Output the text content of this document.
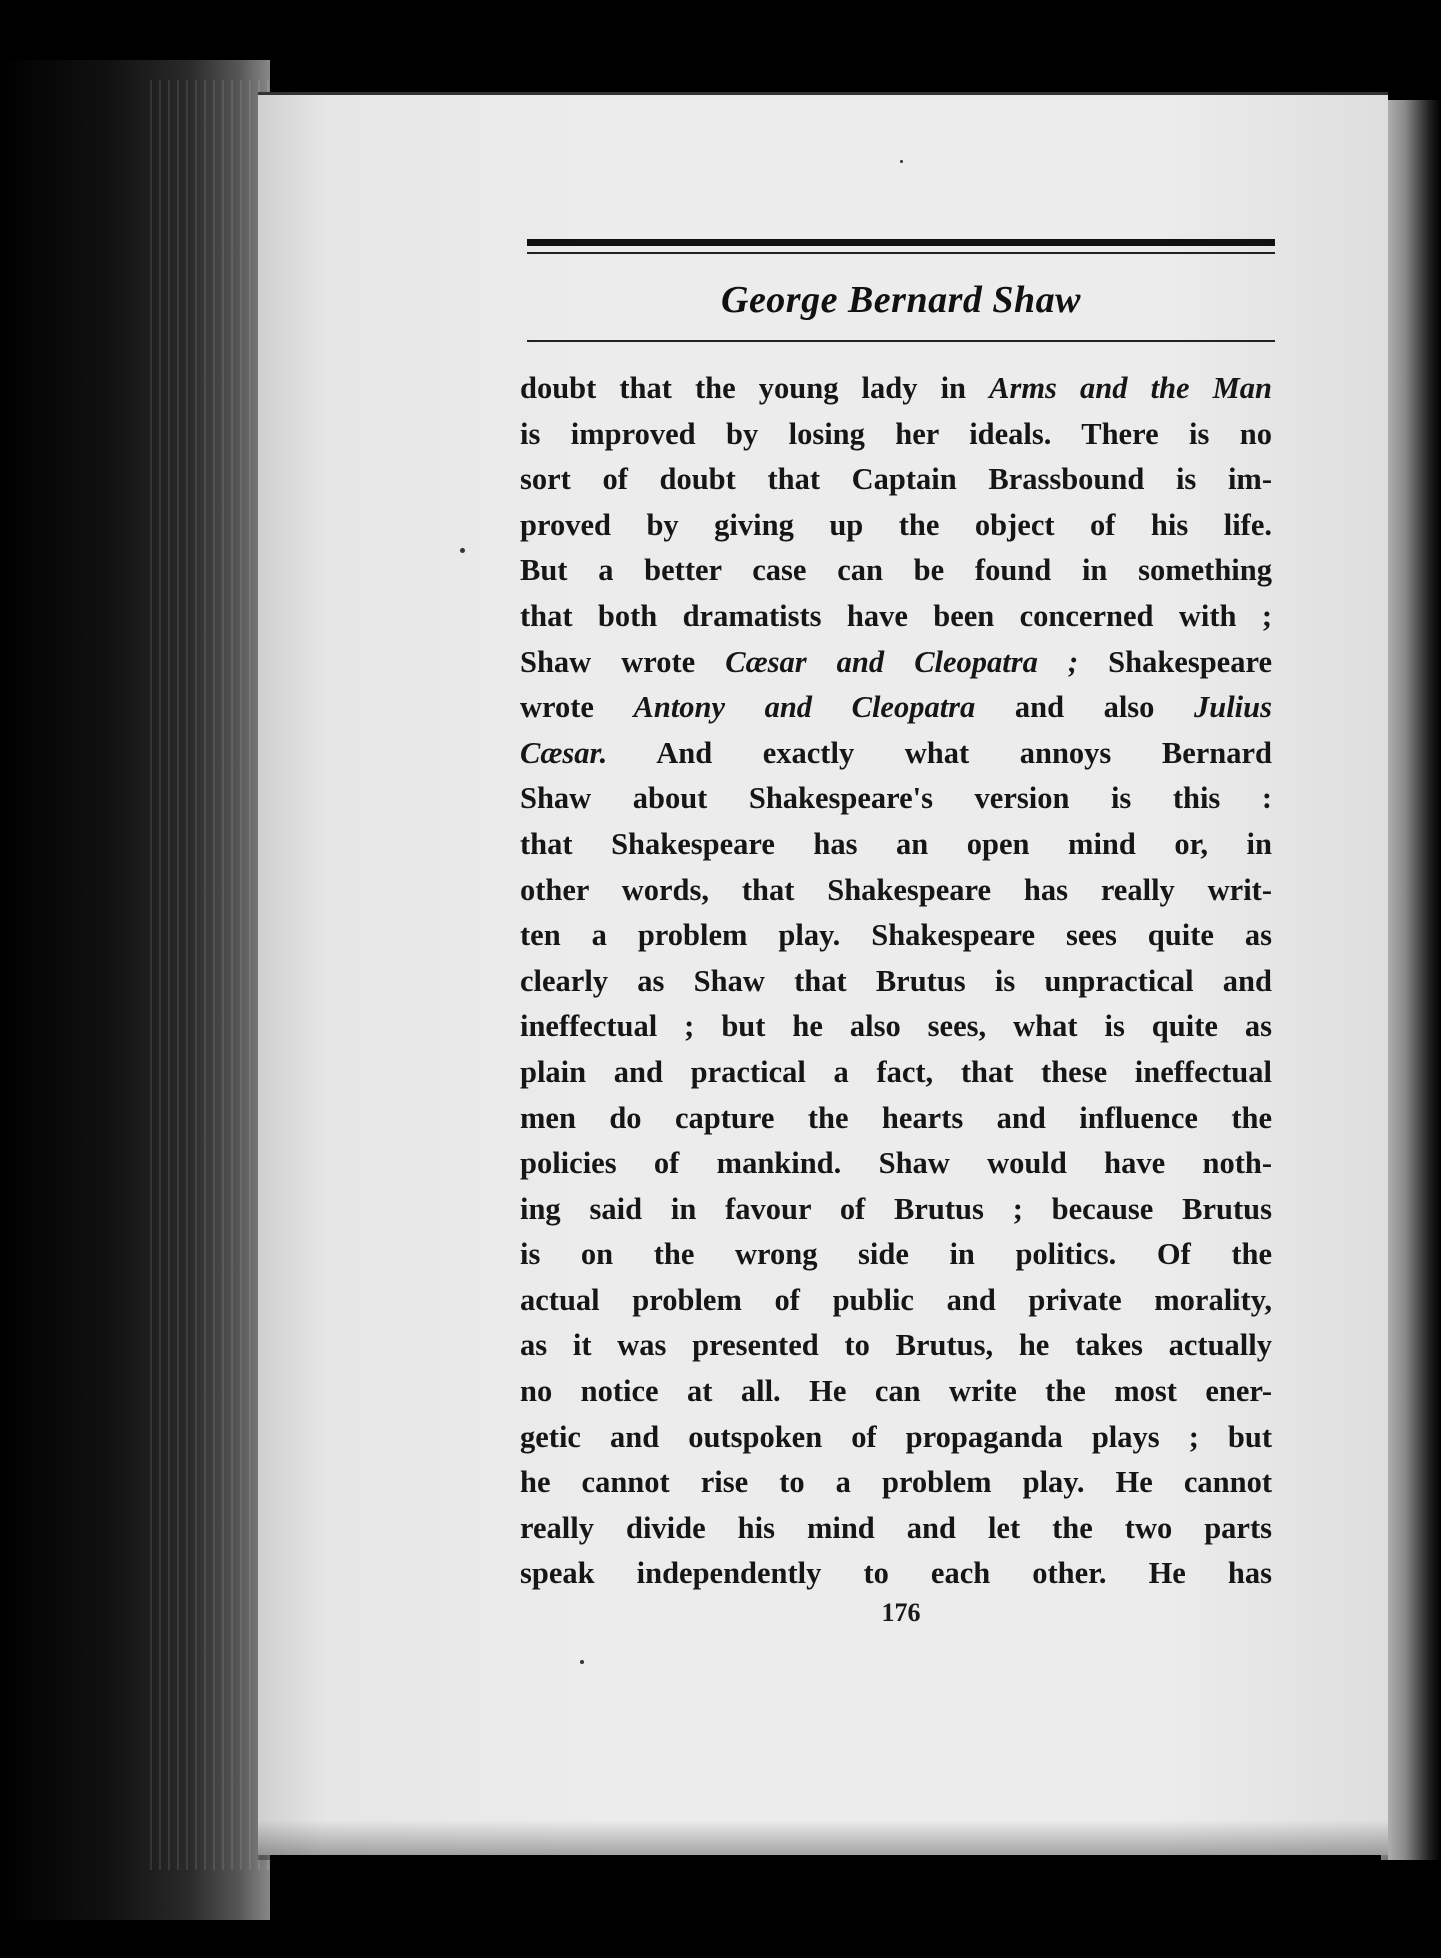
George Bernard Shaw
doubt that the young lady in Arms and the Man
is improved by losing her ideals. There is no
sort of doubt that Captain Brassbound is im-
proved by giving up the object of his life.
But a better case can be found in something
that both dramatists have been concerned with ;
Shaw wrote Cæsar and Cleopatra ; Shakespeare
wrote Antony and Cleopatra and also Julius
Cæsar. And exactly what annoys Bernard
Shaw about Shakespeare's version is this :
that Shakespeare has an open mind or, in
other words, that Shakespeare has really writ-
ten a problem play. Shakespeare sees quite as
clearly as Shaw that Brutus is unpractical and
ineffectual ; but he also sees, what is quite as
plain and practical a fact, that these ineffectual
men do capture the hearts and influence the
policies of mankind. Shaw would have noth-
ing said in favour of Brutus ; because Brutus
is on the wrong side in politics. Of the
actual problem of public and private morality,
as it was presented to Brutus, he takes actually
no notice at all. He can write the most ener-
getic and outspoken of propaganda plays ; but
he cannot rise to a problem play. He cannot
really divide his mind and let the two parts
speak independently to each other. He has
176
